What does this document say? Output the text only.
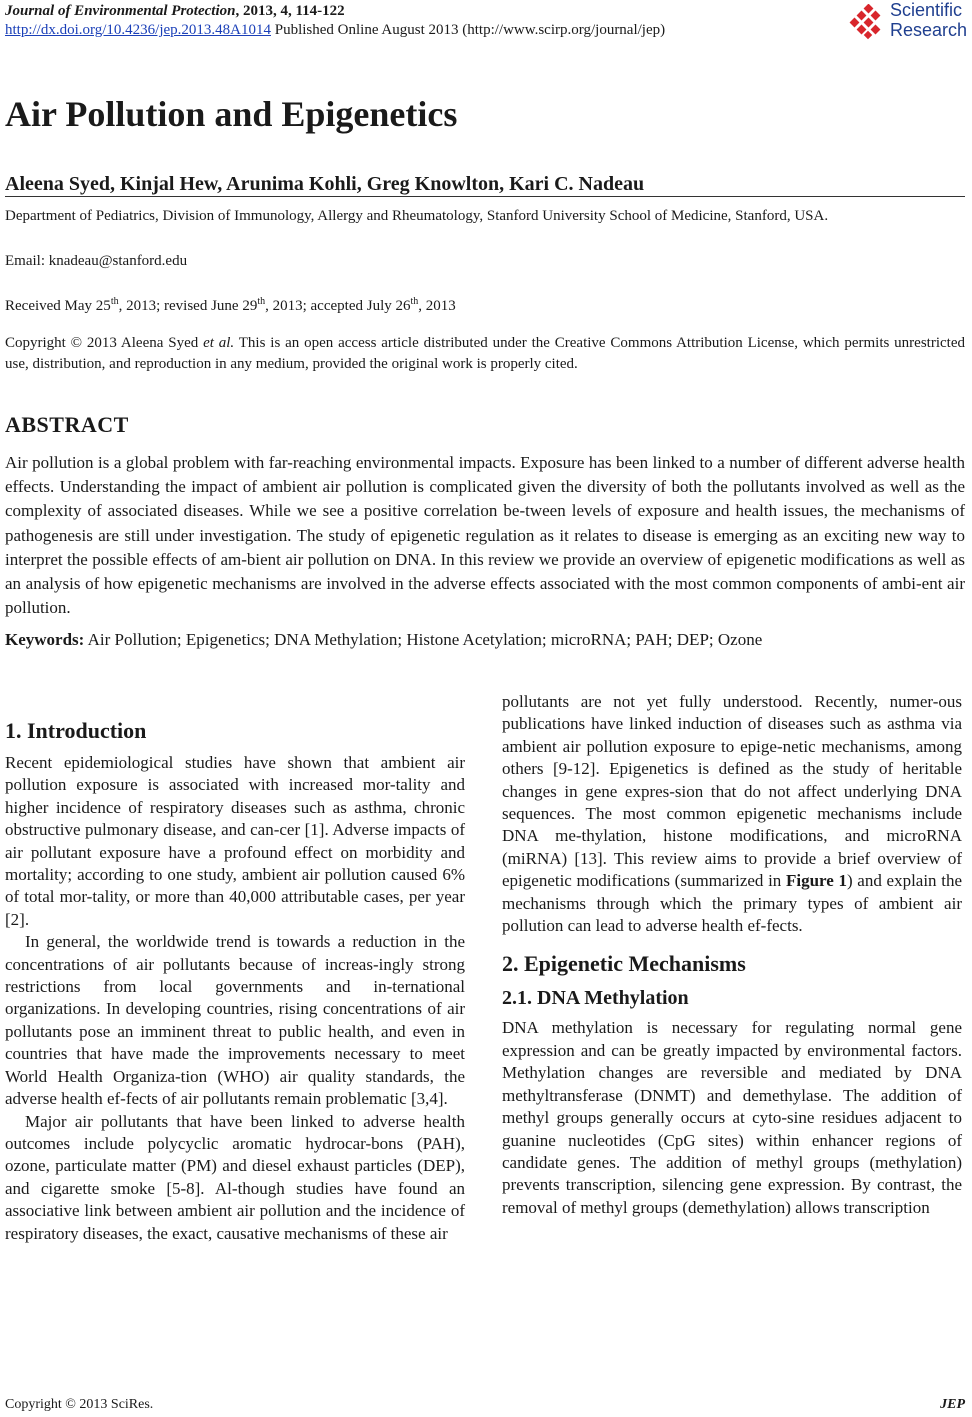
Journal of Environmental Protection, 2013, 4, 114-122
http://dx.doi.org/10.4236/jep.2013.48A1014 Published Online August 2013 (http://www.scirp.org/journal/jep)
Scientific
Research
Air Pollution and Epigenetics
Aleena Syed, Kinjal Hew, Arunima Kohli, Greg Knowlton, Kari C. Nadeau
Department of Pediatrics, Division of Immunology, Allergy and Rheumatology, Stanford University School of Medicine, Stanford, USA.
Email: knadeau@stanford.edu
Received May 25th, 2013; revised June 29th, 2013; accepted July 26th, 2013
Copyright © 2013 Aleena Syed et al. This is an open access article distributed under the Creative Commons Attribution License, which permits unrestricted use, distribution, and reproduction in any medium, provided the original work is properly cited.
ABSTRACT
Air pollution is a global problem with far-reaching environmental impacts. Exposure has been linked to a number of different adverse health effects. Understanding the impact of ambient air pollution is complicated given the diversity of both the pollutants involved as well as the complexity of associated diseases. While we see a positive correlation be-tween levels of exposure and health issues, the mechanisms of pathogenesis are still under investigation. The study of epigenetic regulation as it relates to disease is emerging as an exciting new way to interpret the possible effects of am-bient air pollution on DNA. In this review we provide an overview of epigenetic modifications as well as an analysis of how epigenetic mechanisms are involved in the adverse effects associated with the most common components of ambi-ent air pollution.
Keywords: Air Pollution; Epigenetics; DNA Methylation; Histone Acetylation; microRNA; PAH; DEP; Ozone
1. Introduction

Recent epidemiological studies have shown that ambient air pollution exposure is associated with increased mor-tality and higher incidence of respiratory diseases such as asthma, chronic obstructive pulmonary disease, and can-cer [1]. Adverse impacts of air pollutant exposure have a profound effect on morbidity and mortality; according to one study, ambient air pollution caused 6% of total mor-tality, or more than 40,000 attributable cases, per year [2].

In general, the worldwide trend is towards a reduction in the concentrations of air pollutants because of increas-ingly strong restrictions from local governments and in-ternational organizations. In developing countries, rising concentrations of air pollutants pose an imminent threat to public health, and even in countries that have made the improvements necessary to meet World Health Organiza-tion (WHO) air quality standards, the adverse health ef-fects of air pollutants remain problematic [3,4].

Major air pollutants that have been linked to adverse health outcomes include polycyclic aromatic hydrocar-bons (PAH), ozone, particulate matter (PM) and diesel exhaust particles (DEP), and cigarette smoke [5-8]. Al-though studies have found an associative link between ambient air pollution and the incidence of respiratory diseases, the exact, causative mechanisms of these air

pollutants are not yet fully understood. Recently, numer-ous publications have linked induction of diseases such as asthma via ambient air pollution exposure to epige-netic mechanisms, among others [9-12]. Epigenetics is defined as the study of heritable changes in gene expres-sion that do not affect underlying DNA sequences. The most common epigenetic mechanisms include DNA me-thylation, histone modifications, and microRNA (miRNA) [13]. This review aims to provide a brief overview of epigenetic modifications (summarized in Figure 1) and explain the mechanisms through which the primary types of ambient air pollution can lead to adverse health ef-fects.

2. Epigenetic Mechanisms
2.1. DNA Methylation

DNA methylation is necessary for regulating normal gene expression and can be greatly impacted by environmental factors. Methylation changes are reversible and mediated by DNA methyltransferase (DNMT) and demethylase. The addition of methyl groups generally occurs at cyto-sine residues adjacent to guanine nucleotides (CpG sites) within enhancer regions of candidate genes. The addition of methyl groups (methylation) prevents transcription, silencing gene expression. By contrast, the removal of methyl groups (demethylation) allows transcription

Copyright © 2013 SciRes.	JEP
